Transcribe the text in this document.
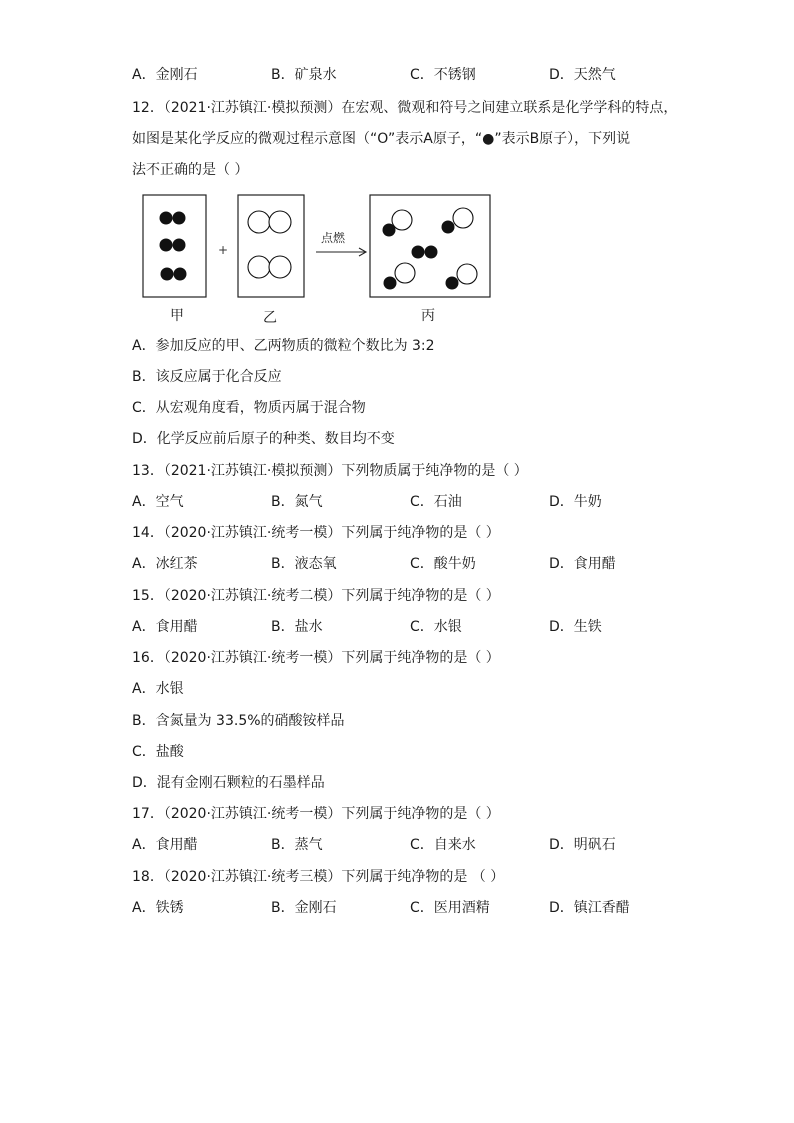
A．金刚石	B．矿泉水	C．不锈钢	D．天然气
12．（2021·江苏镇江·模拟预测）在宏观、微观和符号之间建立联系是化学学科的特点，
如图是某化学反应的微观过程示意图（“O”表示A原子，“●”表示B原子），下列说
法不正确的是（ ）
+
点燃
甲	乙	丙
A．参加反应的甲、乙两物质的微粒个数比为 3:2
B．该反应属于化合反应
C．从宏观角度看，物质丙属于混合物
D．化学反应前后原子的种类、数目均不变
13．（2021·江苏镇江·模拟预测）下列物质属于纯净物的是（ ）
A．空气	B．氮气	C．石油	D．牛奶
14．（2020·江苏镇江·统考一模）下列属于纯净物的是（ ）
A．冰红茶	B．液态氧	C．酸牛奶	D．食用醋
15．（2020·江苏镇江·统考二模）下列属于纯净物的是（ ）
A．食用醋	B．盐水	C．水银	D．生铁
16．（2020·江苏镇江·统考一模）下列属于纯净物的是（ ）
A．水银
B．含氮量为 33.5%的硝酸铵样品
C．盐酸
D．混有金刚石颗粒的石墨样品
17．（2020·江苏镇江·统考一模）下列属于纯净物的是（ ）
A．食用醋	B．蒸气	C．自来水	D．明矾石
18．（2020·江苏镇江·统考三模）下列属于纯净物的是 （ ）
A．铁锈	B．金刚石	C．医用酒精	D．镇江香醋
